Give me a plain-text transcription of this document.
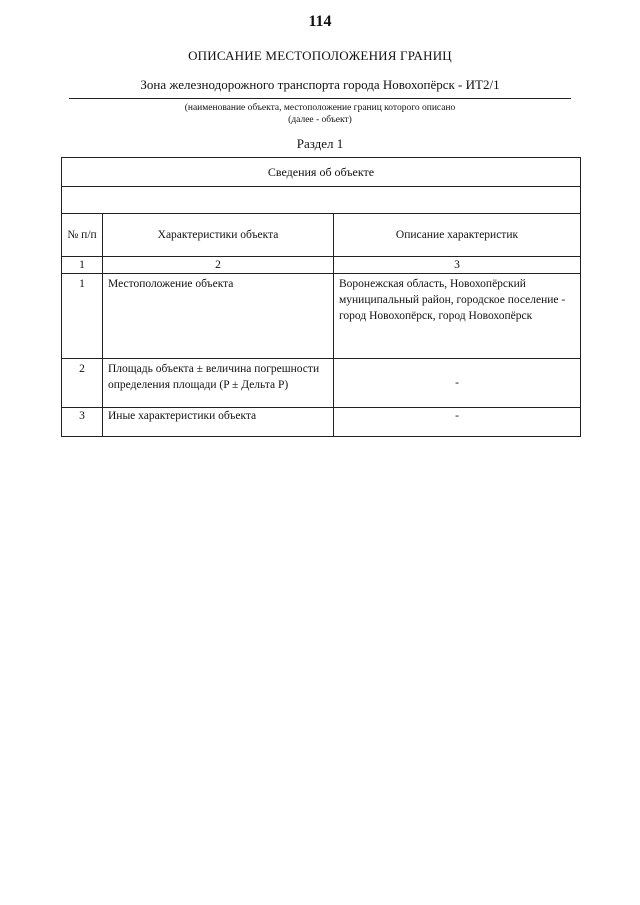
114
ОПИСАНИЕ МЕСТОПОЛОЖЕНИЯ ГРАНИЦ
Зона железнодорожного транспорта города Новохопёрск - ИТ2/1
(наименование объекта, местоположение границ которого описано
(далее - объект)
Раздел 1
Сведения об объекте		

№ п/п	Характеристики объекта	Описание характеристик
1	2	3
1	Местоположение объекта	Воронежская область, Новохопёрский муниципальный район, городское поселение - город Новохопёрск, город Новохопёрск
2	Площадь объекта ± величина погрешности определения площади (P ± Дельта P)	-
3	Иные характеристики объекта	-
